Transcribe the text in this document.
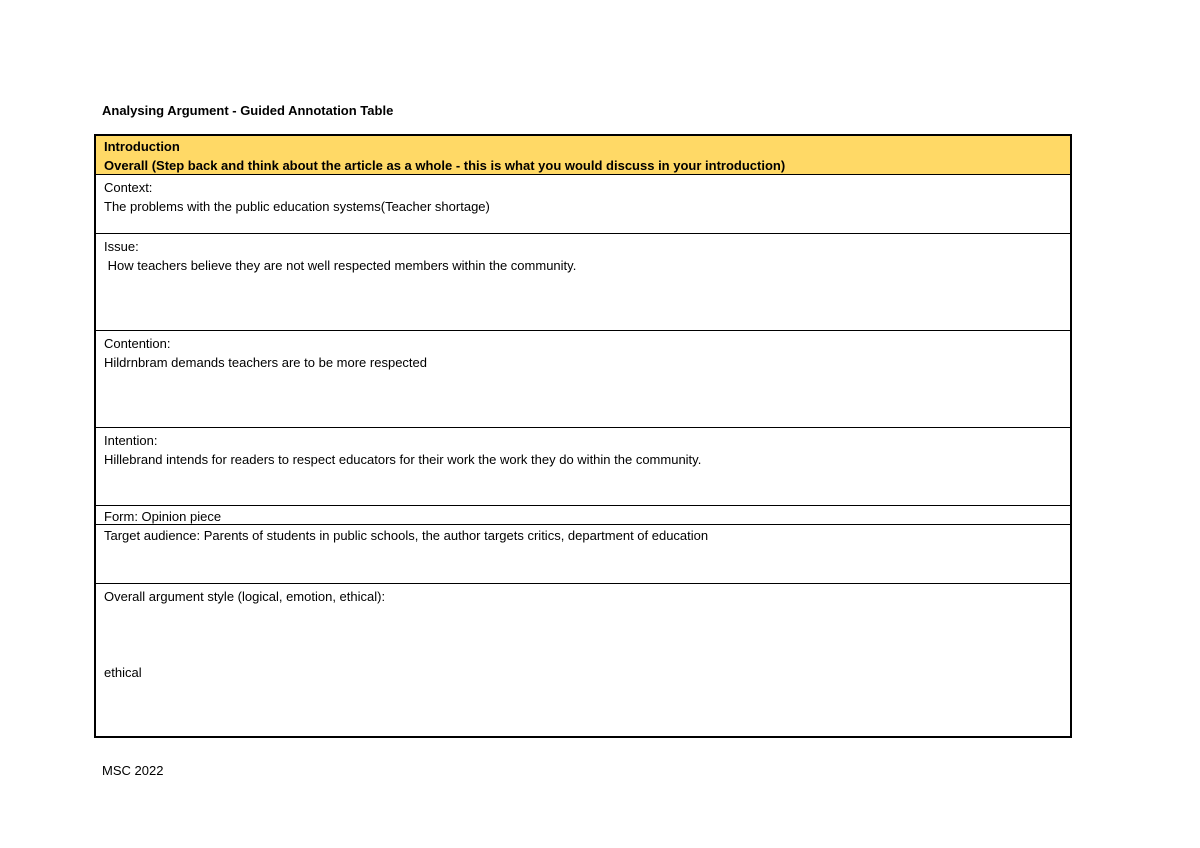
Analysing Argument - Guided Annotation Table
Introduction
Overall (Step back and think about the article as a whole - this is what you would discuss in your introduction)
Context:
The problems with the public education systems(Teacher shortage)
Issue:
How teachers believe they are not well respected members within the community.
Contention:
Hildrnbram demands teachers are to be more respected
Intention:
Hillebrand intends for readers to respect educators for their work the work they do within the community.
Form: Opinion piece
Target audience: Parents of students in public schools, the author targets critics, department of education
Overall argument style (logical, emotion, ethical):
ethical
MSC 2022
